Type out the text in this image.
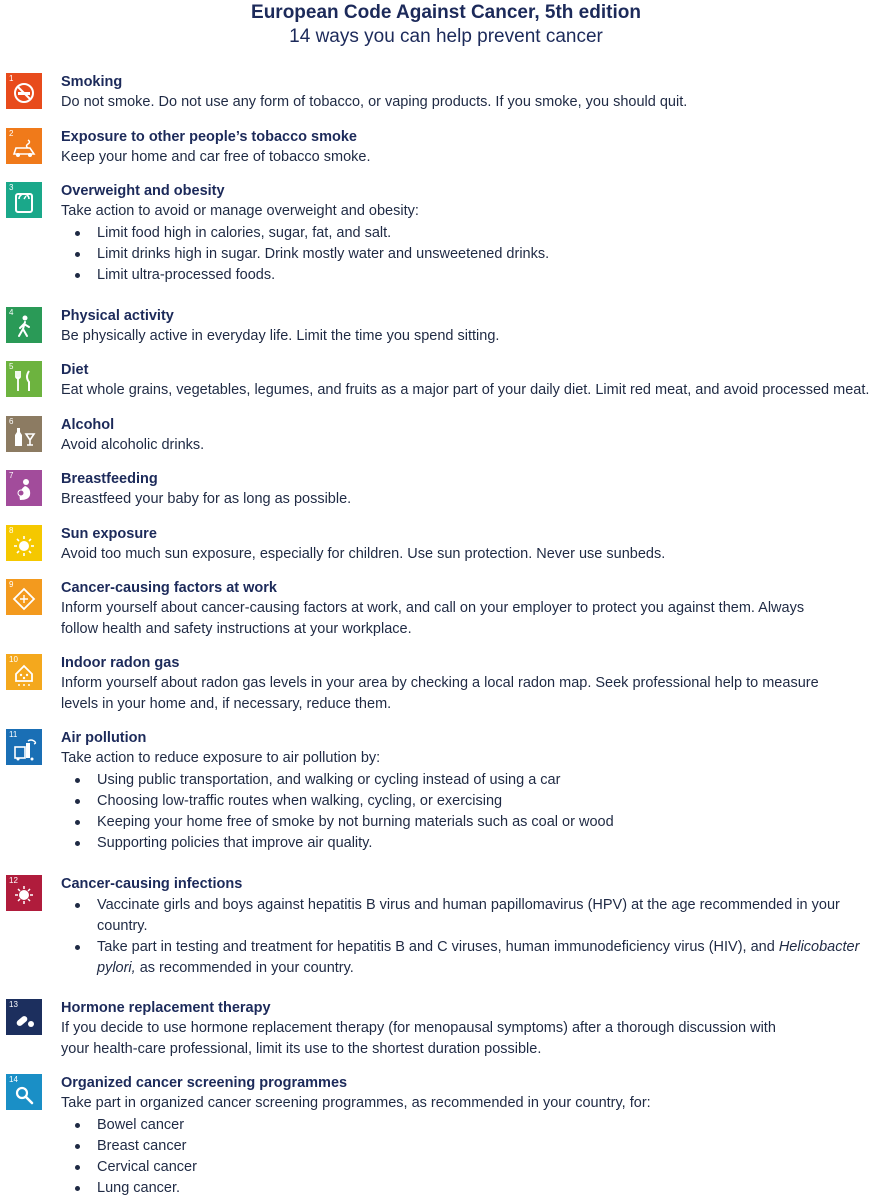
European Code Against Cancer, 5th edition
14 ways you can help prevent cancer
1	Smoking
Do not smoke. Do not use any form of tobacco, or vaping products. If you smoke, you should quit.
2	Exposure to other people’s tobacco smoke
Keep your home and car free of tobacco smoke.
3	Overweight and obesity
Take action to avoid or manage overweight and obesity:
Limit food high in calories, sugar, fat, and salt.
Limit drinks high in sugar. Drink mostly water and unsweetened drinks.
Limit ultra-processed foods.
4	Physical activity
Be physically active in everyday life. Limit the time you spend sitting.
5	Diet
Eat whole grains, vegetables, legumes, and fruits as a major part of your daily diet. Limit red meat, and avoid processed meat.
6	Alcohol
Avoid alcoholic drinks.
7	Breastfeeding
Breastfeed your baby for as long as possible.
8	Sun exposure
Avoid too much sun exposure, especially for children. Use sun protection. Never use sunbeds.
9	Cancer-causing factors at work
Inform yourself about cancer-causing factors at work, and call on your employer to protect you against them. Always follow health and safety instructions at your workplace.
10	Indoor radon gas
Inform yourself about radon gas levels in your area by checking a local radon map. Seek professional help to measure levels in your home and, if necessary, reduce them.
11	Air pollution
Take action to reduce exposure to air pollution by:
Using public transportation, and walking or cycling instead of using a car
Choosing low-traffic routes when walking, cycling, or exercising
Keeping your home free of smoke by not burning materials such as coal or wood
Supporting policies that improve air quality.
12	Cancer-causing infections
Vaccinate girls and boys against hepatitis B virus and human papillomavirus (HPV) at the age recommended in your country.
Take part in testing and treatment for hepatitis B and C viruses, human immunodeficiency virus (HIV), and Helicobacter pylori, as recommended in your country.
13	Hormone replacement therapy
If you decide to use hormone replacement therapy (for menopausal symptoms) after a thorough discussion with your health-care professional, limit its use to the shortest duration possible.
14	Organized cancer screening programmes
Take part in organized cancer screening programmes, as recommended in your country, for:
Bowel cancer
Breast cancer
Cervical cancer
Lung cancer.
